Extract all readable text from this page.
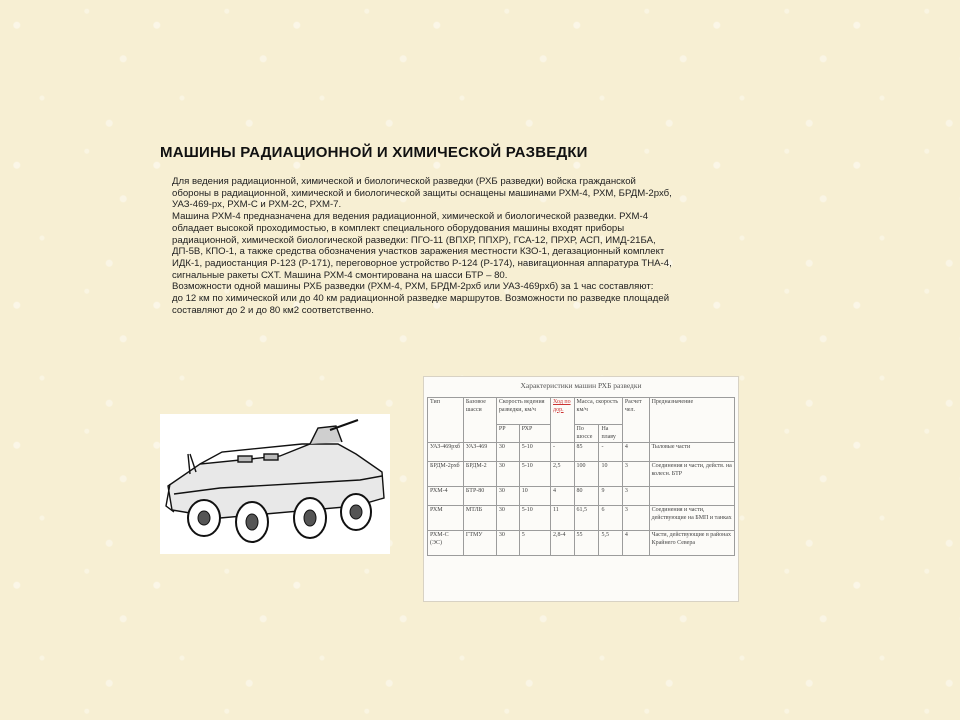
МАШИНЫ РАДИАЦИОННОЙ И ХИМИЧЕСКОЙ РАЗВЕДКИ

Для ведения радиационной, химической и биологической разведки (РХБ разведки) войска гражданской обороны в радиационной, химической и биологической защиты оснащены машинами РХМ-4, РХМ, БРДМ-2рхб, УАЗ-469-рх, РХМ-С и РХМ-2С, РХМ-7.

Машина РХМ-4 предназначена для ведения радиационной, химической и биологической разведки. РХМ-4 обладает высокой проходимостью, в комплект специального оборудования машины входят приборы радиационной, химической биологической разведки: ПГО-11 (ВПХР, ППХР), ГСА-12, ПРХР, АСП, ИМД-21БА, ДП-5В, КПО-1, а также средства обозначения участков заражения местности КЗО-1, дегазационный комплект ИДК-1, радиостанция Р-123 (Р-171), переговорное устройство Р-124 (Р-174), навигационная аппаратура ТНА-4, сигнальные ракеты СХТ. Машина РХМ-4 смонтирована на шасси БТР – 80.

Возможности одной машины РХБ разведки (РХМ-4, РХМ, БРДМ-2рхб или УАЗ-469рхб) за 1 час составляют:

до 12 км по химической или до 40 км радиационной разведке маршрутов. Возможности по разведке площадей составляют до 2 и до 80 км2 соответственно.

Характеристики машин РХБ разведки
Тип	Базовое шасси	Скорость ведения разведки, км/ч		Ход по дор.	Масса, скорость км/ч		Расчет чел.	Предназначение
		РР	РХР		По шоссе	На плаву		
УАЗ-469рхб	УАЗ-469	30	5-10	-	85	-	4	Тыловые части
БРДМ-2рхб	БРДМ-2	30	5-10	2,5	100	10	3	Соединения и части, действ. на колесн. БТР
РХМ-4	БТР-80	30	10	4	80	9	3	
РХМ	МТЛБ	30	5-10	11	61,5	6	3	Соединения и части, действующие на БМП и танках
РХМ-С (ЭС)	ГТМУ	30	5	2,8-4	55	5,5	4	Части, действующие в районах Крайнего Севера
